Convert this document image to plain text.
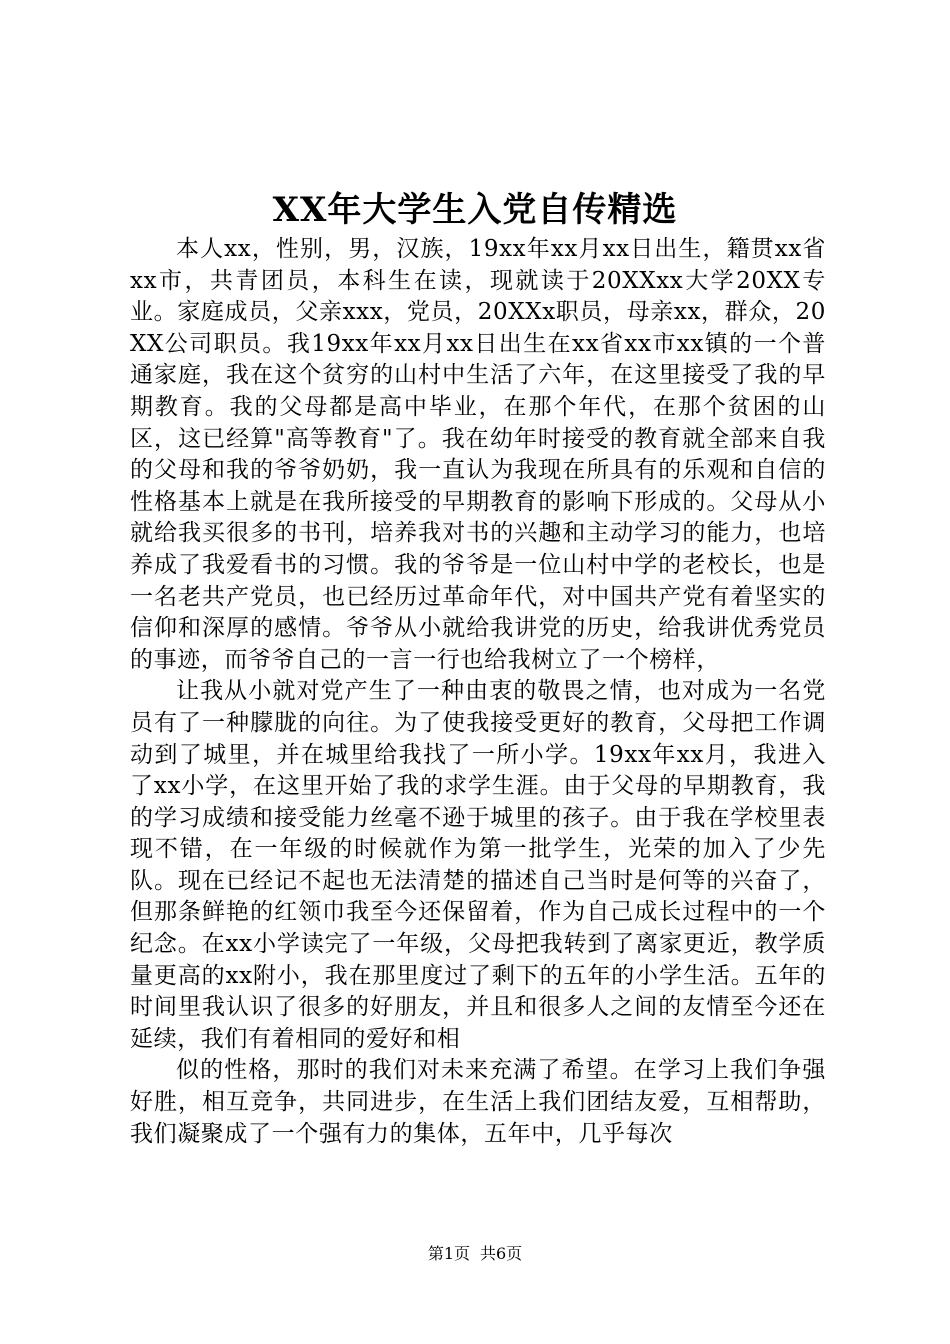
XX年大学生入党自传精选

本人xx，性别，男，汉族，19xx年xx月xx日出生，籍贯xx省xx市，共青团员，本科生在读，现就读于20XXxx大学20XX专业。家庭成员，父亲xxx，党员，20XXx职员，母亲xx，群众，20XX公司职员。我19xx年xx月xx日出生在xx省xx市xx镇的一个普通家庭，我在这个贫穷的山村中生活了六年，在这里接受了我的早期教育。我的父母都是高中毕业，在那个年代，在那个贫困的山区，这已经算"高等教育"了。我在幼年时接受的教育就全部来自我的父母和我的爷爷奶奶，我一直认为我现在所具有的乐观和自信的性格基本上就是在我所接受的早期教育的影响下形成的。父母从小就给我买很多的书刊，培养我对书的兴趣和主动学习的能力，也培养成了我爱看书的习惯。我的爷爷是一位山村中学的老校长，也是一名老共产党员，也已经历过革命年代，对中国共产党有着坚实的信仰和深厚的感情。爷爷从小就给我讲党的历史，给我讲优秀党员的事迹，而爷爷自己的一言一行也给我树立了一个榜样，

让我从小就对党产生了一种由衷的敬畏之情，也对成为一名党员有了一种朦胧的向往。为了使我接受更好的教育，父母把工作调动到了城里，并在城里给我找了一所小学。19xx年xx月，我进入了xx小学，在这里开始了我的求学生涯。由于父母的早期教育，我的学习成绩和接受能力丝毫不逊于城里的孩子。由于我在学校里表现不错，在一年级的时候就作为第一批学生，光荣的加入了少先队。现在已经记不起也无法清楚的描述自己当时是何等的兴奋了，但那条鲜艳的红领巾我至今还保留着，作为自己成长过程中的一个纪念。在xx小学读完了一年级，父母把我转到了离家更近，教学质量更高的xx附小，我在那里度过了剩下的五年的小学生活。五年的时间里我认识了很多的好朋友，并且和很多人之间的友情至今还在延续，我们有着相同的爱好和相

似的性格，那时的我们对未来充满了希望。在学习上我们争强好胜，相互竞争，共同进步，在生活上我们团结友爱，互相帮助，我们凝聚成了一个强有力的集体，五年中，几乎每次

第1页 共6页
